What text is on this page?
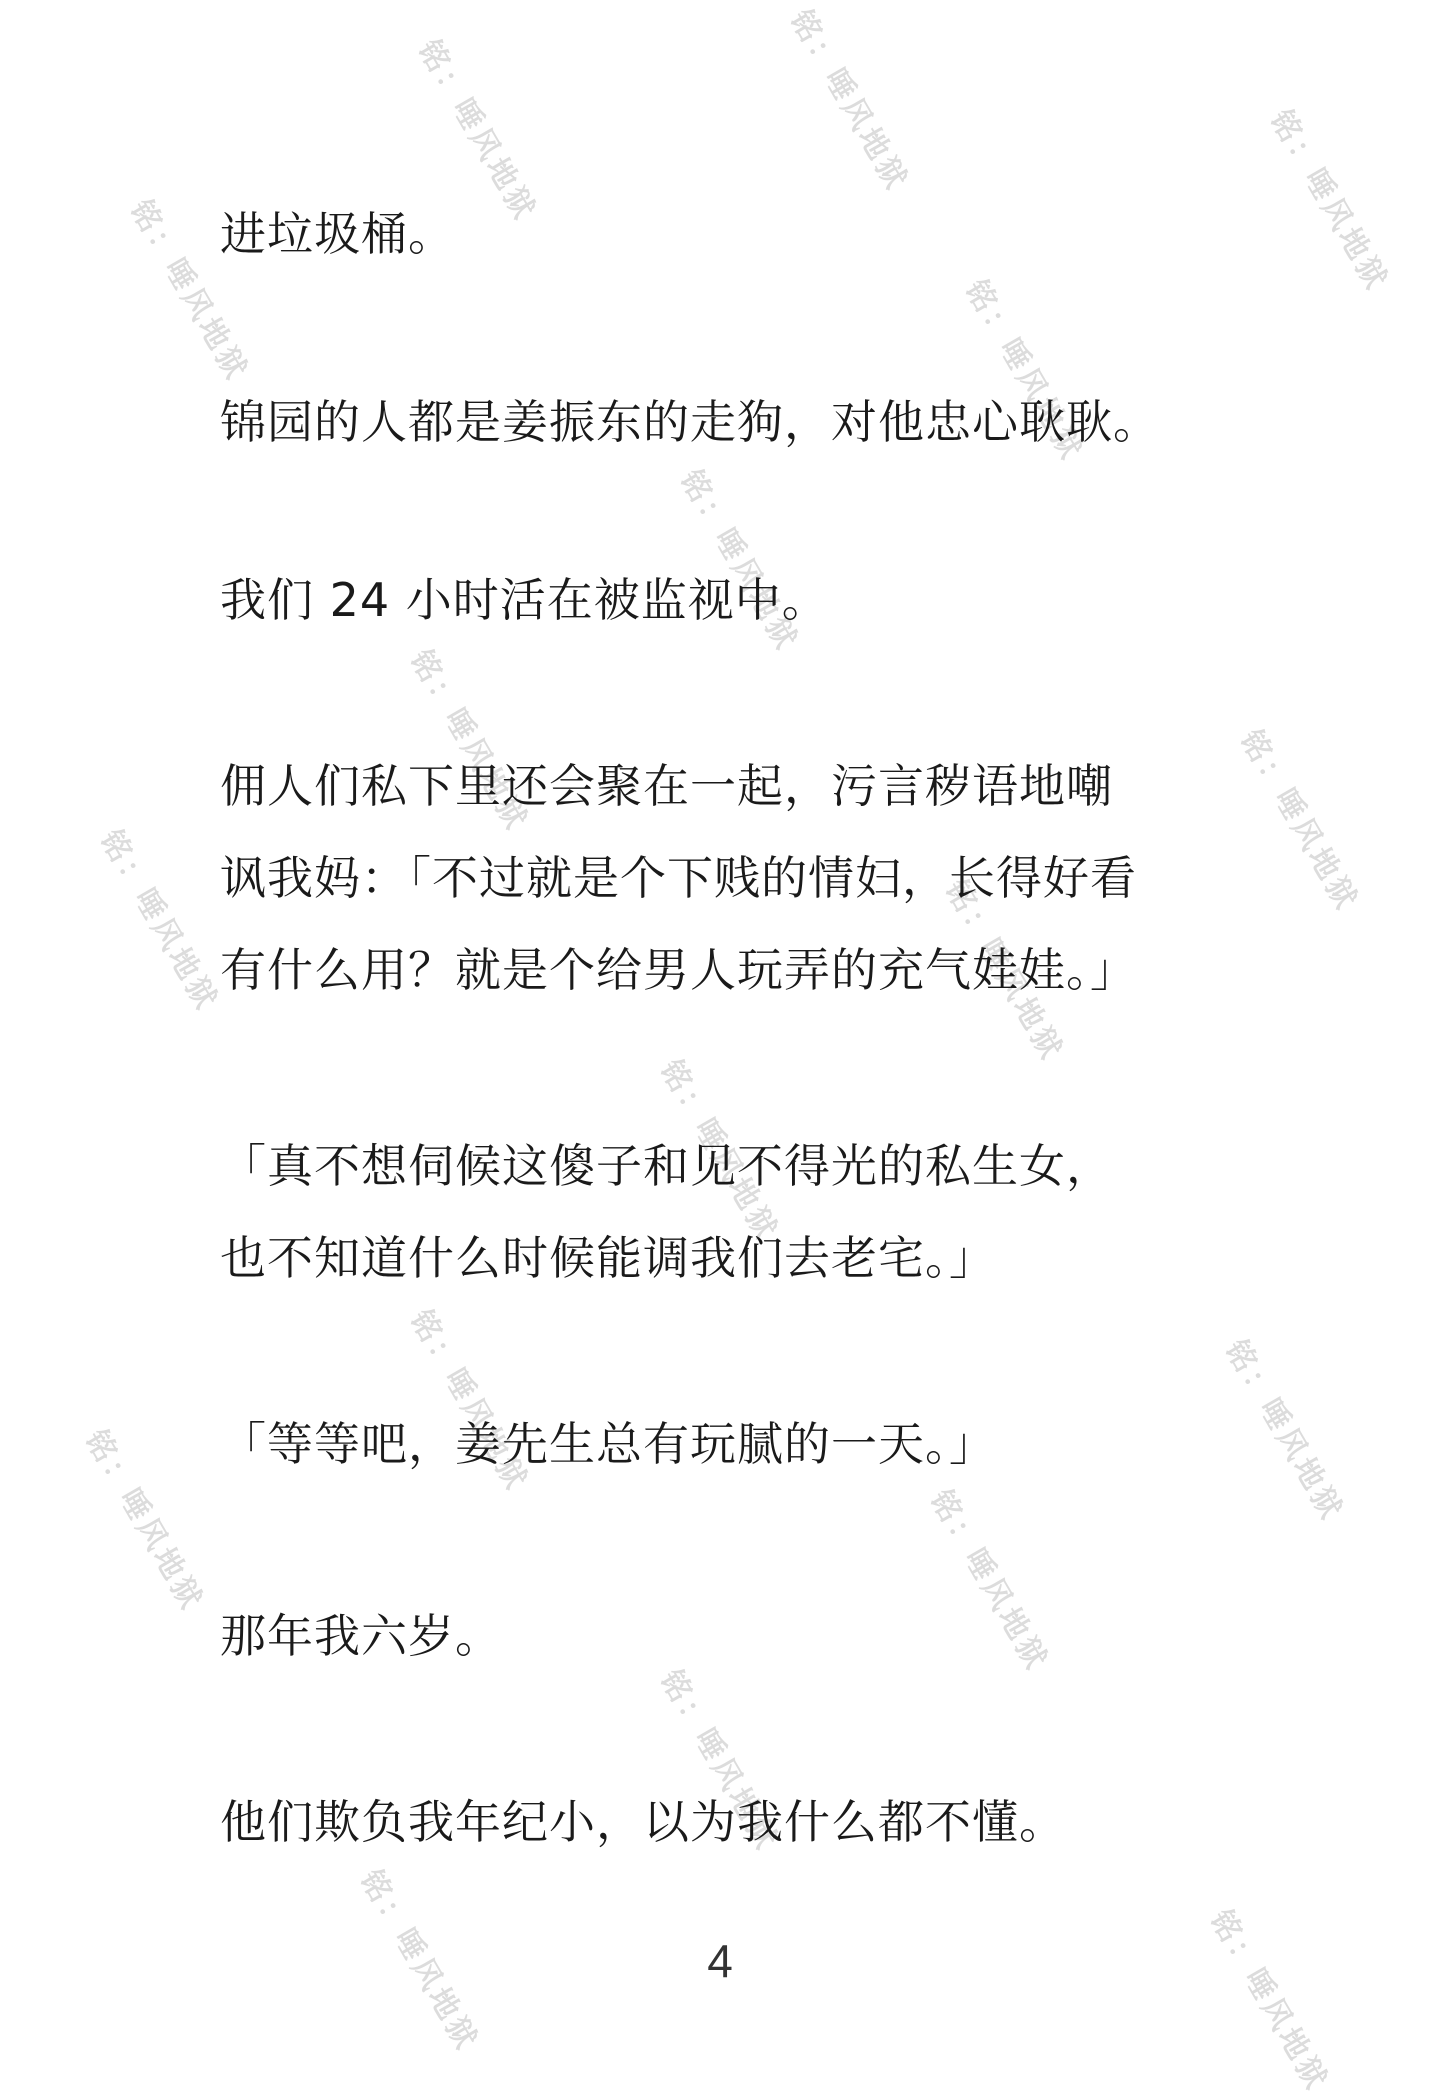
铭：唾风地狱	铭：唾风地狱
铭：唾风地狱
铭：唾风地狱	铭：唾风地狱
铭：唾风地狱
铭：唾风地狱	铭：唾风地狱
铭：唾风地狱	铭：唾风地狱
铭：唾风地狱
铭：唾风地狱	铭：唾风地狱
铭：唾风地狱	铭：唾风地狱
铭：唾风地狱
铭：唾风地狱	铭：唾风地狱
进垃圾桶。
锦园的人都是姜振东的走狗，对他忠心耿耿。
我们 24 小时活在被监视中。
佣人们私下里还会聚在一起，污言秽语地嘲
讽我妈：「不过就是个下贱的情妇，长得好看
有什么用？就是个给男人玩弄的充气娃娃。」
「真不想伺候这傻子和见不得光的私生女，
也不知道什么时候能调我们去老宅。」
「等等吧，姜先生总有玩腻的一天。」
那年我六岁。
他们欺负我年纪小，以为我什么都不懂。
4
